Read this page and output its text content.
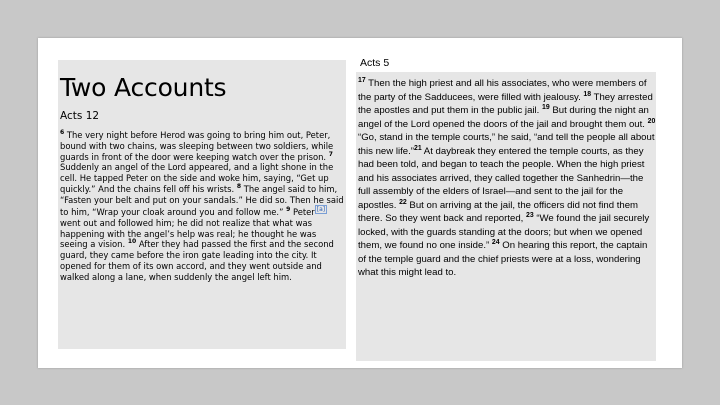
Two Accounts
Acts 12
$^6$ The very night before Herod was going to bring him out, Peter, bound with two chains, was sleeping between two soldiers, while guards in front of the door were keeping watch over the prison. $^7$ Suddenly an angel of the Lord appeared, and a light shone in the cell. He tapped Peter on the side and woke him, saying, “Get up quickly.” And the chains fell off his wrists. $^8$ The angel said to him, “Fasten your belt and put on your sandals.” He did so. Then he said to him, “Wrap your cloak around you and follow me.” $^9$ Peter [a] went out and followed him; he did not realize that what was happening with the angel’s help was real; he thought he was seeing a vision. $^{10}$ After they had passed the first and the second guard, they came before the iron gate leading into the city. It opened for them of its own accord, and they went outside and walked along a lane, when suddenly the angel left him.
Acts 5
$^{17}$ Then the high priest and all his associates, who were members of the party of the Sadducees, were filled with jealousy. $^{18}$ They arrested the apostles and put them in the public jail. $^{19}$ But during the night an angel of the Lord opened the doors of the jail and brought them out. $^{20}$ “Go, stand in the temple courts,” he said, “and tell the people all about this new life.”$^{21}$ At daybreak they entered the temple courts, as they had been told, and began to teach the people. When the high priest and his associates arrived, they called together the Sanhedrin—the full assembly of the elders of Israel—and sent to the jail for the apostles. $^{22}$ But on arriving at the jail, the officers did not find them there. So they went back and reported, $^{23}$ “We found the jail securely locked, with the guards standing at the doors; but when we opened them, we found no one inside.” $^{24}$ On hearing this report, the captain of the temple guard and the chief priests were at a loss, wondering what this might lead to.
